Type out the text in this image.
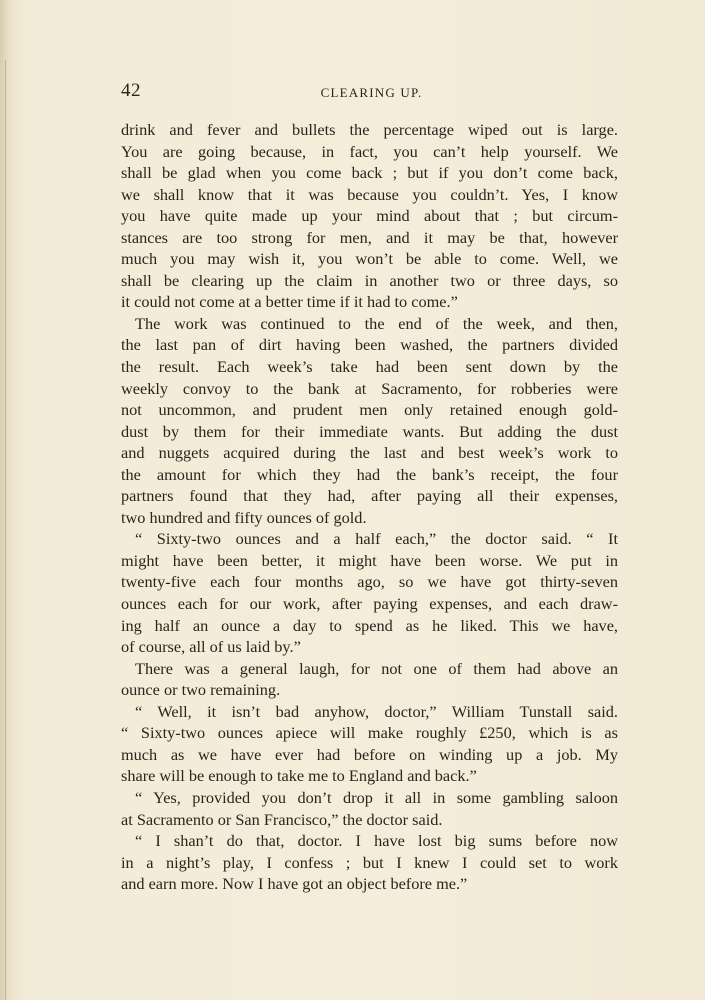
42	CLEARING UP.
drink and fever and bullets the percentage wiped out is large.
You are going because, in fact, you can’t help yourself. We
shall be glad when you come back ; but if you don’t come back,
we shall know that it was because you couldn’t. Yes, I know
you have quite made up your mind about that ; but circum-
stances are too strong for men, and it may be that, however
much you may wish it, you won’t be able to come. Well, we
shall be clearing up the claim in another two or three days, so
it could not come at a better time if it had to come.”
The work was continued to the end of the week, and then,
the last pan of dirt having been washed, the partners divided
the result. Each week’s take had been sent down by the
weekly convoy to the bank at Sacramento, for robberies were
not uncommon, and prudent men only retained enough gold-
dust by them for their immediate wants. But adding the dust
and nuggets acquired during the last and best week’s work to
the amount for which they had the bank’s receipt, the four
partners found that they had, after paying all their expenses,
two hundred and fifty ounces of gold.
“ Sixty-two ounces and a half each,” the doctor said. “ It
might have been better, it might have been worse. We put in
twenty-five each four months ago, so we have got thirty-seven
ounces each for our work, after paying expenses, and each draw-
ing half an ounce a day to spend as he liked. This we have,
of course, all of us laid by.”
There was a general laugh, for not one of them had above an
ounce or two remaining.
“ Well, it isn’t bad anyhow, doctor,” William Tunstall said.
“ Sixty-two ounces apiece will make roughly £250, which is as
much as we have ever had before on winding up a job. My
share will be enough to take me to England and back.”
“ Yes, provided you don’t drop it all in some gambling saloon
at Sacramento or San Francisco,” the doctor said.
“ I shan’t do that, doctor. I have lost big sums before now
in a night’s play, I confess ; but I knew I could set to work
and earn more. Now I have got an object before me.”
